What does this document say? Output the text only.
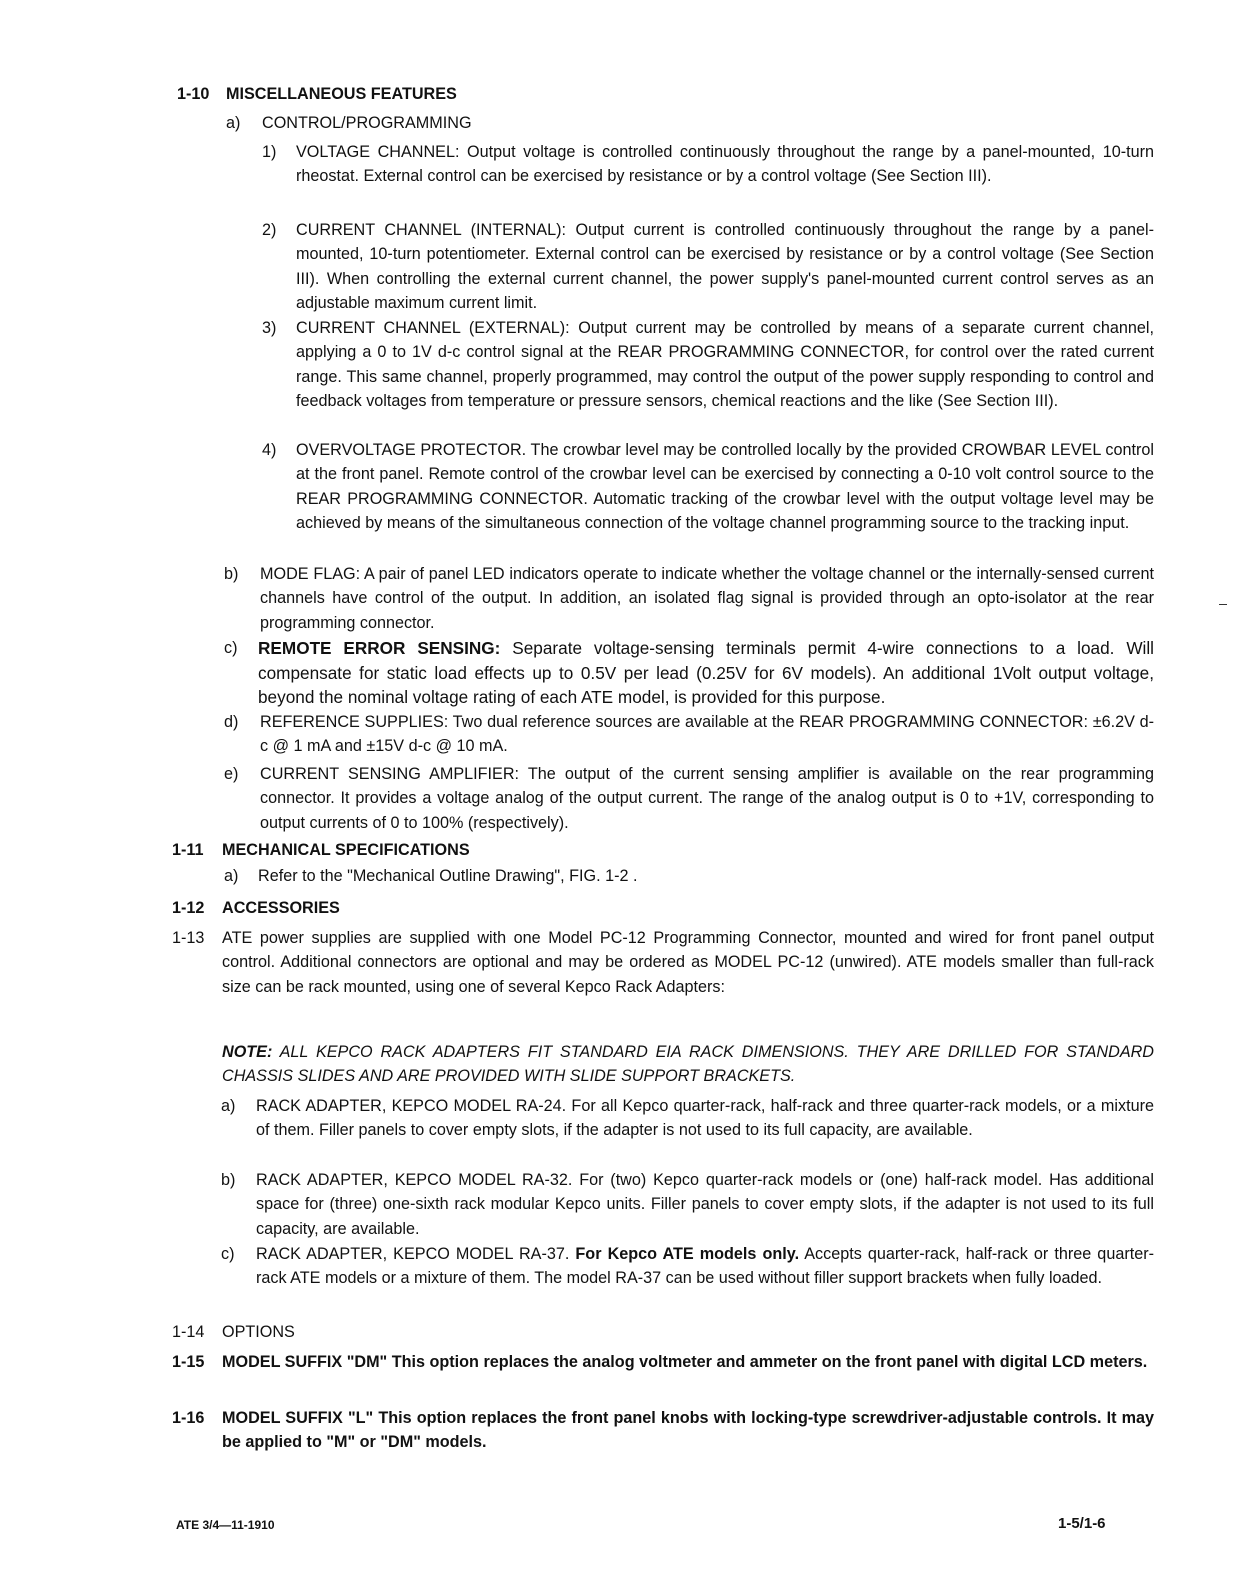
1-10 MISCELLANEOUS FEATURES
a) CONTROL/PROGRAMMING
1) VOLTAGE CHANNEL: Output voltage is controlled continuously throughout the range by a panel-mounted, 10-turn rheostat. External control can be exercised by resistance or by a control voltage (See Section III).

2) CURRENT CHANNEL (INTERNAL): Output current is controlled continuously throughout the range by a panel-mounted, 10-turn potentiometer. External control can be exercised by resistance or by a control voltage (See Section III). When controlling the external current channel, the power supply's panel-mounted current control serves as an adjustable maximum current limit.

3) CURRENT CHANNEL (EXTERNAL): Output current may be controlled by means of a separate current channel, applying a 0 to 1V d-c control signal at the REAR PROGRAMMING CONNECTOR, for control over the rated current range. This same channel, properly programmed, may control the output of the power supply responding to control and feedback voltages from temperature or pressure sensors, chemical reactions and the like (See Section III).

4) OVERVOLTAGE PROTECTOR. The crowbar level may be controlled locally by the provided CROWBAR LEVEL control at the front panel. Remote control of the crowbar level can be exercised by connecting a 0-10 volt control source to the REAR PROGRAMMING CONNECTOR. Automatic tracking of the crowbar level with the output voltage level may be achieved by means of the simultaneous connection of the voltage channel programming source to the tracking input.

b) MODE FLAG: A pair of panel LED indicators operate to indicate whether the voltage channel or the internally-sensed current channels have control of the output. In addition, an isolated flag signal is provided through an opto-isolator at the rear programming connector.

c) REMOTE ERROR SENSING: Separate voltage-sensing terminals permit 4-wire connections to a load. Will compensate for static load effects up to 0.5V per lead (0.25V for 6V models). An additional 1Volt output voltage, beyond the nominal voltage rating of each ATE model, is provided for this purpose.

d) REFERENCE SUPPLIES: Two dual reference sources are available at the REAR PROGRAMMING CONNECTOR: ±6.2V d-c @ 1 mA and ±15V d-c @ 10 mA.

e) CURRENT SENSING AMPLIFIER: The output of the current sensing amplifier is available on the rear programming connector. It provides a voltage analog of the output current. The range of the analog output is 0 to +1V, corresponding to output currents of 0 to 100% (respectively).

1-11 MECHANICAL SPECIFICATIONS
a) Refer to the "Mechanical Outline Drawing", FIG. 1-2 .

1-12 ACCESSORIES
1-13 ATE power supplies are supplied with one Model PC-12 Programming Connector, mounted and wired for front panel output control. Additional connectors are optional and may be ordered as MODEL PC-12 (unwired). ATE models smaller than full-rack size can be rack mounted, using one of several Kepco Rack Adapters:

NOTE: ALL KEPCO RACK ADAPTERS FIT STANDARD EIA RACK DIMENSIONS. THEY ARE DRILLED FOR STANDARD CHASSIS SLIDES AND ARE PROVIDED WITH SLIDE SUPPORT BRACKETS.

a) RACK ADAPTER, KEPCO MODEL RA-24. For all Kepco quarter-rack, half-rack and three quarter-rack models, or a mixture of them. Filler panels to cover empty slots, if the adapter is not used to its full capacity, are available.

b) RACK ADAPTER, KEPCO MODEL RA-32. For (two) Kepco quarter-rack models or (one) half-rack model. Has additional space for (three) one-sixth rack modular Kepco units. Filler panels to cover empty slots, if the adapter is not used to its full capacity, are available.

c) RACK ADAPTER, KEPCO MODEL RA-37. For Kepco ATE models only. Accepts quarter-rack, half-rack or three quarter-rack ATE models or a mixture of them. The model RA-37 can be used without filler support brackets when fully loaded.

1-14 OPTIONS
1-15 MODEL SUFFIX "DM" This option replaces the analog voltmeter and ammeter on the front panel with digital LCD meters.

1-16 MODEL SUFFIX "L" This option replaces the front panel knobs with locking-type screwdriver-adjustable controls. It may be applied to "M" or "DM" models.

ATE 3/4—11-1910	1-5/1-6
